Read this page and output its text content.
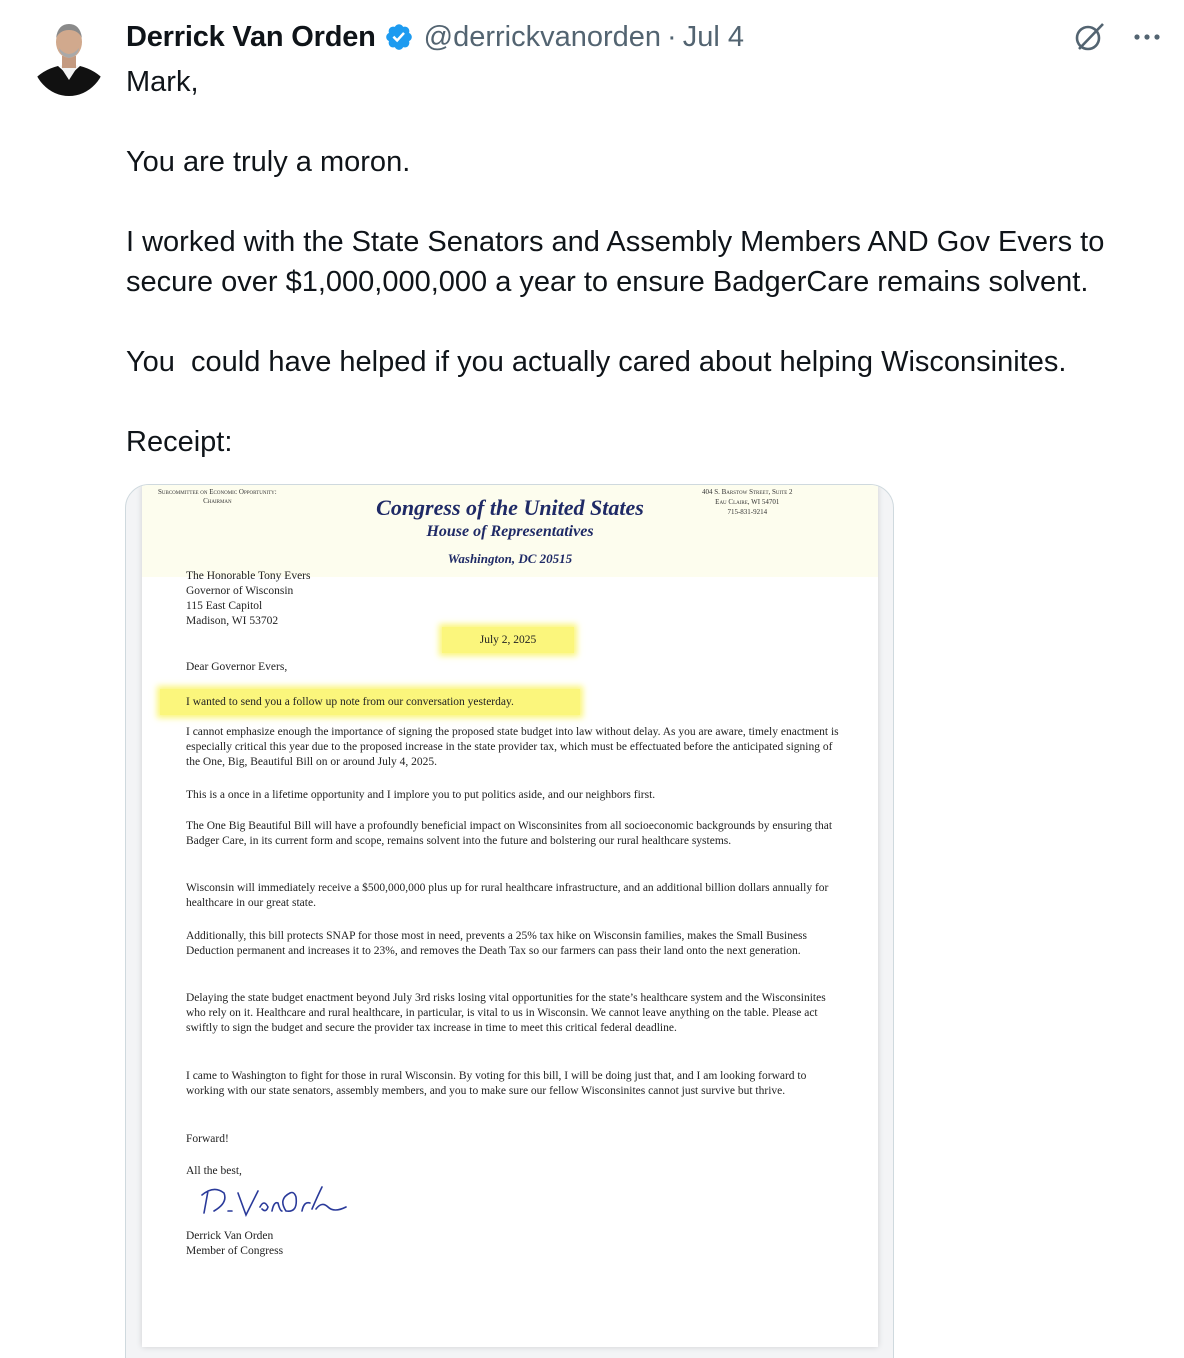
Derrick Van Orden @derrickvanorden · Jul 4

Mark,

You are truly a moron.

I worked with the State Senators and Assembly Members AND Gov Evers to secure over $1,000,000,000 a year to ensure BadgerCare remains solvent.

You  could have helped if you actually cared about helping Wisconsinites.

Receipt:

Subcommittee on Economic Opportunity:
Chairman
404 S. Barstow Street, Suite 2
Eau Claire, WI 54701
715-831-9214
Congress of the United States
House of Representatives
Washington, DC 20515
The Honorable Tony Evers
Governor of Wisconsin
115 East Capitol
Madison, WI 53702
July 2, 2025
Dear Governor Evers,
I wanted to send you a follow up note from our conversation yesterday.
I cannot emphasize enough the importance of signing the proposed state budget into law without delay. As you are aware, timely enactment is especially critical this year due to the proposed increase in the state provider tax, which must be effectuated before the anticipated signing of the One, Big, Beautiful Bill on or around July 4, 2025.
This is a once in a lifetime opportunity and I implore you to put politics aside, and our neighbors first.
The One Big Beautiful Bill will have a profoundly beneficial impact on Wisconsinites from all socioeconomic backgrounds by ensuring that Badger Care, in its current form and scope, remains solvent into the future and bolstering our rural healthcare systems.
Wisconsin will immediately receive a $500,000,000 plus up for rural healthcare infrastructure, and an additional billion dollars annually for healthcare in our great state.
Additionally, this bill protects SNAP for those most in need, prevents a 25% tax hike on Wisconsin families, makes the Small Business Deduction permanent and increases it to 23%, and removes the Death Tax so our farmers can pass their land onto the next generation.
Delaying the state budget enactment beyond July 3rd risks losing vital opportunities for the state’s healthcare system and the Wisconsinites who rely on it. Healthcare and rural healthcare, in particular, is vital to us in Wisconsin. We cannot leave anything on the table. Please act swiftly to sign the budget and secure the provider tax increase in time to meet this critical federal deadline.
I came to Washington to fight for those in rural Wisconsin. By voting for this bill, I will be doing just that, and I am looking forward to working with our state senators, assembly members, and you to make sure our fellow Wisconsinites cannot just survive but thrive.
Forward!
All the best,
Derrick Van Orden
Member of Congress
